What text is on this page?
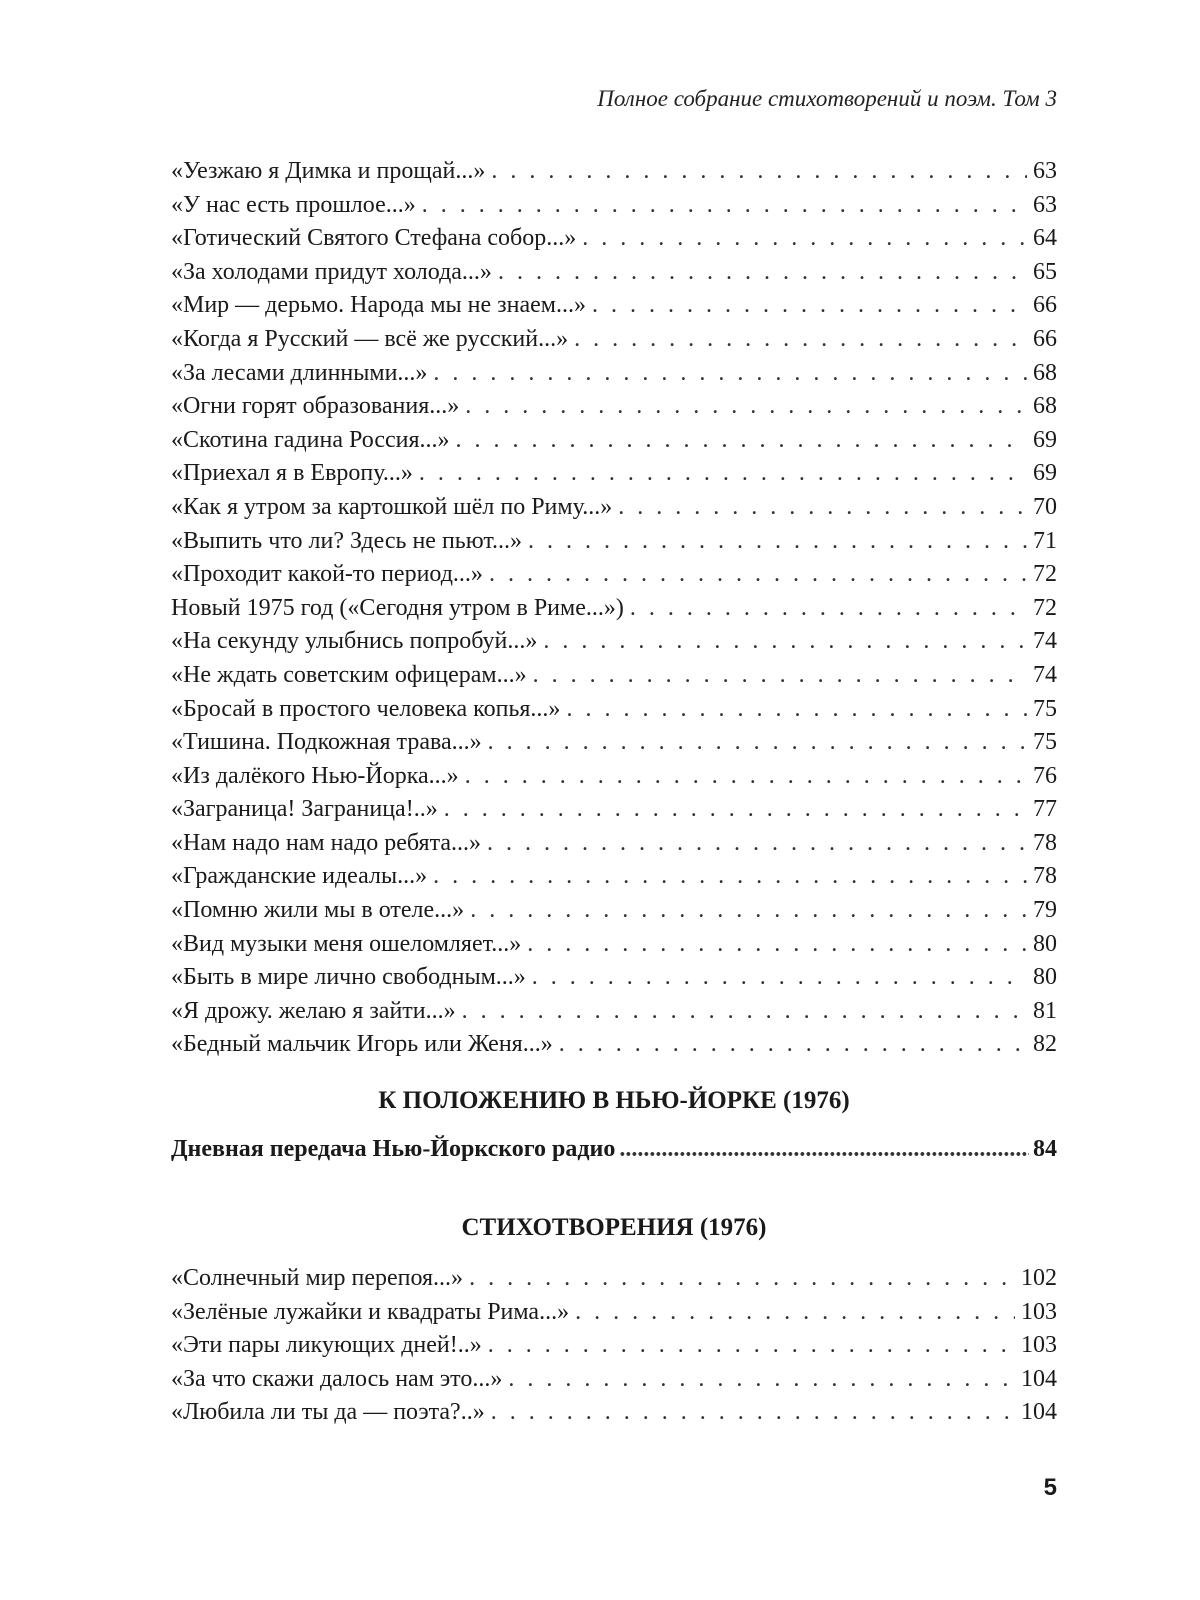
Полное собрание стихотворений и поэм. Том 3
«Уезжаю я Димка и прощай...» . . .	63
«У нас есть прошлое...» . . .	63
«Готический Святого Стефана собор...» . . .	64
«За холодами придут холода...» . . .	65
«Мир — дерьмо. Народа мы не знаем...» . . .	66
«Когда я Русский — всё же русский...» . . .	66
«За лесами длинными...» . . .	68
«Огни горят образования...» . . .	68
«Скотина гадина Россия...» . . .	69
«Приехал я в Европу...» . . .	69
«Как я утром за картошкой шёл по Риму...» . . .	70
«Выпить что ли? Здесь не пьют...» . . .	71
«Проходит какой-то период...» . . .	72
Новый 1975 год («Сегодня утром в Риме...») . . .	72
«На секунду улыбнись попробуй...» . . .	74
«Не ждать советским офицерам...» . . .	74
«Бросай в простого человека копья...» . . .	75
«Тишина. Подкожная трава...» . . .	75
«Из далёкого Нью-Йорка...» . . .	76
«Заграница! Заграница!..» . . .	77
«Нам надо нам надо ребята...» . . .	78
«Гражданские идеалы...» . . .	78
«Помню жили мы в отеле...» . . .	79
«Вид музыки меня ошеломляет...» . . .	80
«Быть в мире лично свободным...» . . .	80
«Я дрожу. желаю я зайти...» . . .	81
«Бедный мальчик Игорь или Женя...» . . .	82
К ПОЛОЖЕНИЮ В НЬЮ-ЙОРКЕ (1976)
Дневная передача Нью-Йоркского радио .....	84
СТИХОТВОРЕНИЯ (1976)
«Солнечный мир перепоя...» . . .	102
«Зелёные лужайки и квадраты Рима...» . . .	103
«Эти пары ликующих дней!..» . . .	103
«За что скажи далось нам это...» . . .	104
«Любила ли ты да — поэта?..» . . .	104
5
